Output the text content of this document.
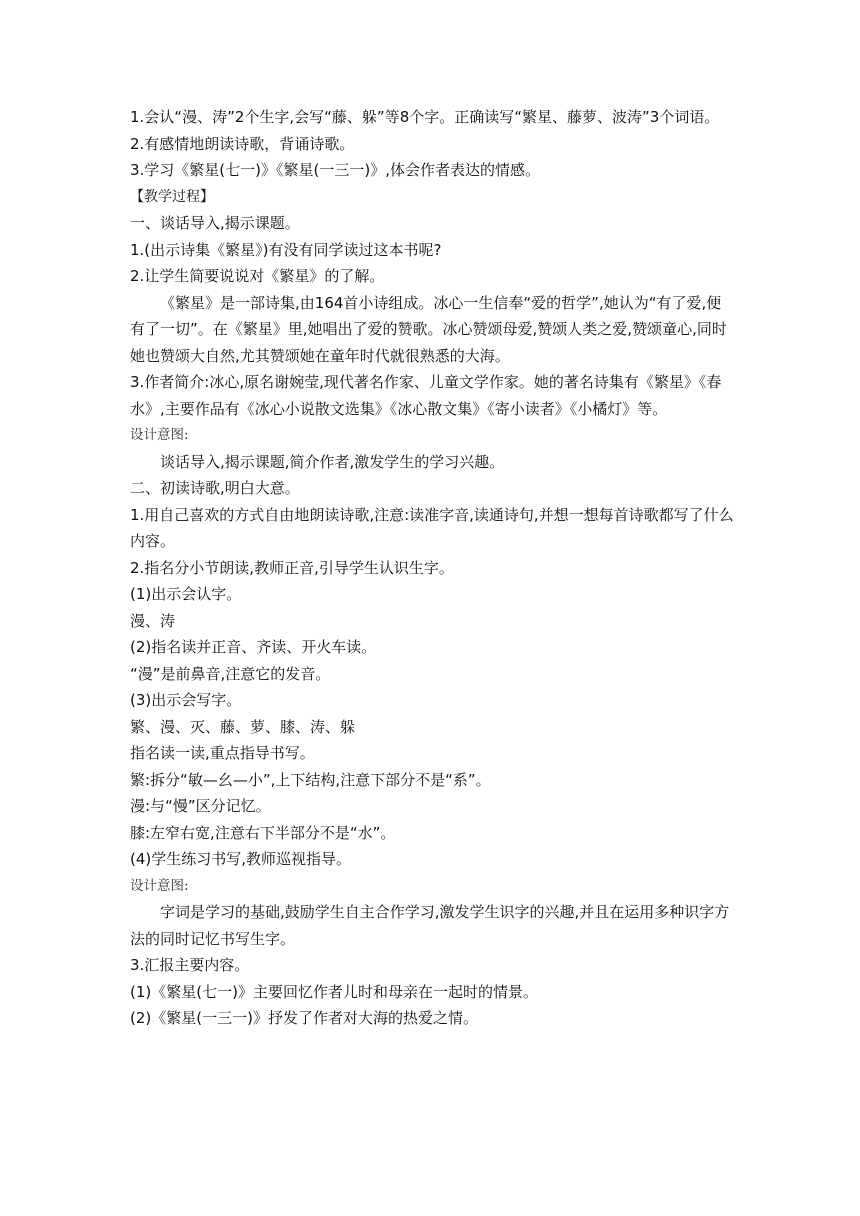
1.会认“漫、涛”2个生字,会写“藤、躲”等8个字。正确读写“繁星、藤萝、波涛”3个词语。

2.有感情地朗读诗歌，背诵诗歌。

3.学习《繁星(七一)》《繁星(一三一)》,体会作者表达的情感。

【教学过程】

一、谈话导入,揭示课题。

1.(出示诗集《繁星》)有没有同学读过这本书呢?

2.让学生简要说说对《繁星》的了解。

《繁星》是一部诗集,由164首小诗组成。冰心一生信奉“爱的哲学”,她认为“有了爱,便有了一切”。在《繁星》里,她唱出了爱的赞歌。冰心赞颂母爱,赞颂人类之爱,赞颂童心,同时她也赞颂大自然,尤其赞颂她在童年时代就很熟悉的大海。

3.作者简介:冰心,原名谢婉莹,现代著名作家、儿童文学作家。她的著名诗集有《繁星》《春水》,主要作品有《冰心小说散文选集》《冰心散文集》《寄小读者》《小橘灯》等。

设计意图:

谈话导入,揭示课题,简介作者,激发学生的学习兴趣。

二、初读诗歌,明白大意。

1.用自己喜欢的方式自由地朗读诗歌,注意:读准字音,读通诗句,并想一想每首诗歌都写了什么内容。

2.指名分小节朗读,教师正音,引导学生认识生字。

(1)出示会认字。

漫、涛

(2)指名读并正音、齐读、开火车读。

“漫”是前鼻音,注意它的发音。

(3)出示会写字。

繁、漫、灭、藤、萝、膝、涛、躲

指名读一读,重点指导书写。

繁:拆分“敏—幺—小”,上下结构,注意下部分不是“系”。

漫:与“慢”区分记忆。

膝:左窄右宽,注意右下半部分不是“水”。

(4)学生练习书写,教师巡视指导。

设计意图:

字词是学习的基础,鼓励学生自主合作学习,激发学生识字的兴趣,并且在运用多种识字方法的同时记忆书写生字。

3.汇报主要内容。

(1)《繁星(七一)》主要回忆作者儿时和母亲在一起时的情景。

(2)《繁星(一三一)》抒发了作者对大海的热爱之情。
